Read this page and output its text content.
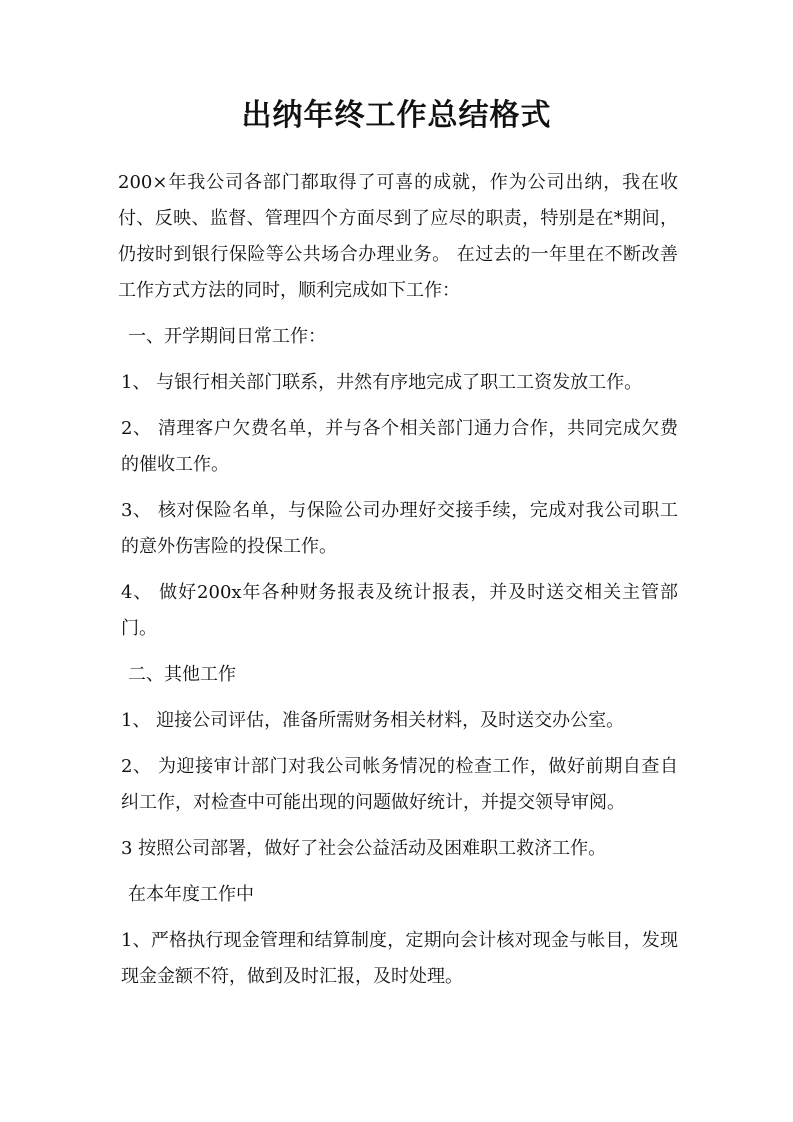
出纳年终工作总结格式

200×年我公司各部门都取得了可喜的成就，作为公司出纳，我在收付、反映、监督、管理四个方面尽到了应尽的职责，特别是在*期间，仍按时到银行保险等公共场合办理业务。 在过去的一年里在不断改善工作方式方法的同时，顺利完成如下工作：

一、开学期间日常工作：

1、 与银行相关部门联系，井然有序地完成了职工工资发放工作。

2、 清理客户欠费名单，并与各个相关部门通力合作，共同完成欠费的催收工作。

3、 核对保险名单，与保险公司办理好交接手续，完成对我公司职工的意外伤害险的投保工作。

4、 做好200x年各种财务报表及统计报表，并及时送交相关主管部门。

二、其他工作

1、 迎接公司评估，准备所需财务相关材料，及时送交办公室。

2、 为迎接审计部门对我公司帐务情况的检查工作，做好前期自查自纠工作，对检查中可能出现的问题做好统计，并提交领导审阅。

3 按照公司部署，做好了社会公益活动及困难职工救济工作。

在本年度工作中

1、严格执行现金管理和结算制度，定期向会计核对现金与帐目，发现现金金额不符，做到及时汇报，及时处理。
